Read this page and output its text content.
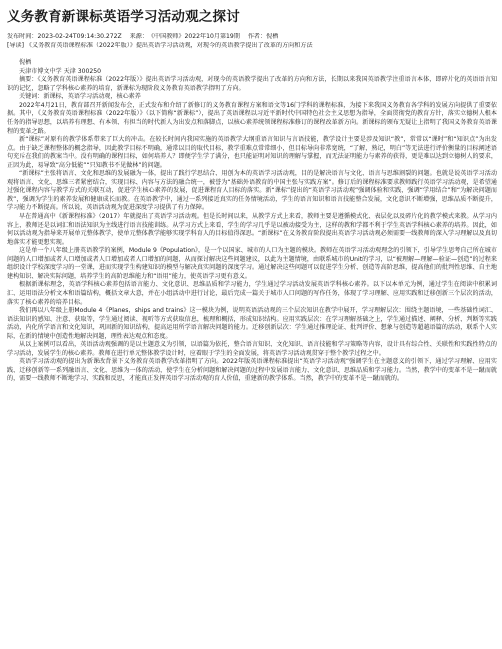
义务教育新课标英语学习活动观之探讨
发布时间：2023-02-24T09:14:30.272Z 来源：《中国教师》2022年10月第19期 作者：倪栖
[导读] 《义务教育英语课程标准（2022年版）》提出英语学习活动观，对现今的英语教学提出了改革的方向和方法
倪栖
天津市博文中学 天津 300250
摘要：《义务教育英语课程标准（2022年版）》提出英语学习活动观，对现今的英语教学提出了改革的方向和方法，长期以来我国英语教学注重语言本体，即碎片化的英语语言知识的记忆，忽略了学科核心素养的培育，新课标为现阶段义务教育英语教学指明了方向。
关键词：新课标，英语学习活动观，核心素养

2022年4月21日，教育部召开新闻发布会，正式发布和介绍了新修订的义务教育课程方案和语文等16门学科的课程标准，为接下来我国义务教育各学科的发展方向提供了重要依据。其中，《义务教育英语课程标准（2022年版）》（以下简称“新课标”），提出了英语课程以习近平新时代中国特色社会主义思想为指导，全面贯彻党的教育方针，落实立德树人根本任务的指导思想，以培养有理想、有本领、有担当的时代新人为出发点和落脚点，以核心素养统领课程标准修订的课程改革新方向。新课标的颁布无疑让上指明了我国义务教育英语课程的变革之路。

新“课标”对原有的教学体系带来了巨大的冲击。在较长时间内我国实施的英语教学大纲重语言知识与言语技能，教学设计主要是涉及知识“教”，常常以“课时”和“知识点”为出发点。由于缺乏课程整体的概念指导，因此教学目标不明确，通常以目的取代目标，教学重难点常常细小，但目标导向非常宽统，“了解，熟记，明白”等无法进行评价衡量的目标阐述语句充斥在我们的教案当中。没有明确的课程目标，如何培养人？即便学生学了满分，也只能证明对知识的理解与掌握，而无法证明能力与素养的获得，更是难以达到立德树人的要求，正因为此，易导致“高分低能”“只知教书不见做林”的问题。

“新课标”主张将语言、文化和思维的发展融为一体，提出了践行学思结合、用创为本的英语学习活动观，目的是解决语言与文化、语言与思维割裂的问题。也就是说英语学习活动观将语言、文化、思维三者紧密结合，实现目标、内容与方法的融合统一，被誉为“基础外语教育的中国主张与实践方案”。修订后的课程标准要求教师践行英语学习活动观，是希望通过强化课程内容与教学方式的关联互动，促进学生核心素养的发展，促进课程育人目标的落实。新“课标”提出的“英语学习活动观”强调体验和实践，强调“学用结合”和“为解决问题而教”，强调为学生的素养发展和健康成长而教。在英语教学中，通过一系列接近真实的任务情境活动，学生的语言知识和语言技能整合发展，文化意识不断增强，思维品质不断提升，学习能力不断提高。所以说，英语活动观为促进深度学习提供了有力保障。

早在普通高中《新课程标准》（2017）年就提出了英语学习活动观。但是长时间以来，从教学方式上来看，教师主要是遵循模式化、表层化以及碎片化的教学模式来教。从学习内容上，教师还是以词汇和语法知识为主线进行语言技能训练。从学习方式上来看，学生的学习几乎是以被动接受为主，这样的教和学都不利于学生英语学科核心素养的培养。因此，如何以活动观为指导来开展单元整体教学，使单元整体教学能够实现学科育人的目标值得深思。“新课标”在义务教育阶段提出英语学习活动观必须需要一线教师的深入学习理解以及真切地落实才能更想实现。

这是单一个八年级上册英语教学的案例，Module 9《Population》，是一个以国家、城市的人口为主题的模块。教师在英语学习活动观理念的引领下，引导学生思考自己所在城市问题的人口增加或者人口增加或者人口增加或者人口增加的问题，从而探讨解决这些问题建议，以此为主题情境，由联系城市的Unit的学习，以“被理解—理解—验证—创造”的过程来组织设计学校深度学习的一堂课，进而实现学生构建知识的模型与解决真实问题的深度学习。通过解决这些问题可以促进学生分析、创造等高阶思维，提高他们的批判性思维、自主地建构知识、解决实际问题，培养学生的高阶思维能力和“语用”能力，使英语学习更有意义。

根据新课标理念，英语学科核心素养包括语言能力、文化意识、思维品质和学习能力，学生通过学习活动发展英语学科核心素养。以下以本单元为例，通过学生在阅读中积累词汇、运用语法分析文本和语篇结构，概括文章大意，并在小组活动中进行讨论，最后完成一篇关于城市人口问题的写作任务，体现了学习理解、应用实践和迁移创新三个层次的活动，落实了核心素养的培养目标。

我们再以八年级上册Module 4《Planes，ships and trains》这一模块为例，说明英语活动观的三个层次知识在教学中展开，学习理解层次：围绕主题语境，一些基础性词汇、语法知识的感知、注意、获取等，学生通过阅读、视听等方式获取信息，梳理和概括，形成知识结构。应用实践层次：在学习理解基础之上，学生通过描述、阐释、分析、判断等实践活动，内化所学语言和文化知识，巩固新的知识结构，提高运用所学语言解决问题的能力。迁移创新层次：学生通过推理论证、批判评价、想象与创造等超越语篇的活动，联系个人实际，在新的情境中创造性地解决问题，理性表达观点和态度。

从以上案例可以看出，英语活动观强调的是以主题意义为引领，以语篇为依托，整合语言知识、文化知识、语言技能和学习策略等内容，设计具有综合性、关联性和实践性特点的学习活动，发展学生的核心素养。教师在进行单元整体教学设计时，应着眼于学生的全面发展，将英语学习活动观贯穿于整个教学过程之中。

英语学习活动观的提出为新课改背景下义务教育英语教学改革指明了方向。2022年版英语课程标准提出“英语学习活动观”强调学生在主题意义的引领下，通过学习理解、应用实践、迁移创新等一系列融语言、文化、思维为一体的活动，使学生在分析问题和解决问题的过程中发展语言能力、文化意识、思维品质和学习能力。当然，教学中的变革不是一蹴而就的，需要一线教师不断地学习、实践和反思，才能真正发挥英语学习活动观的育人价值，重建新的教学体系。当然，教学中的变革不是一蹴而就的。
